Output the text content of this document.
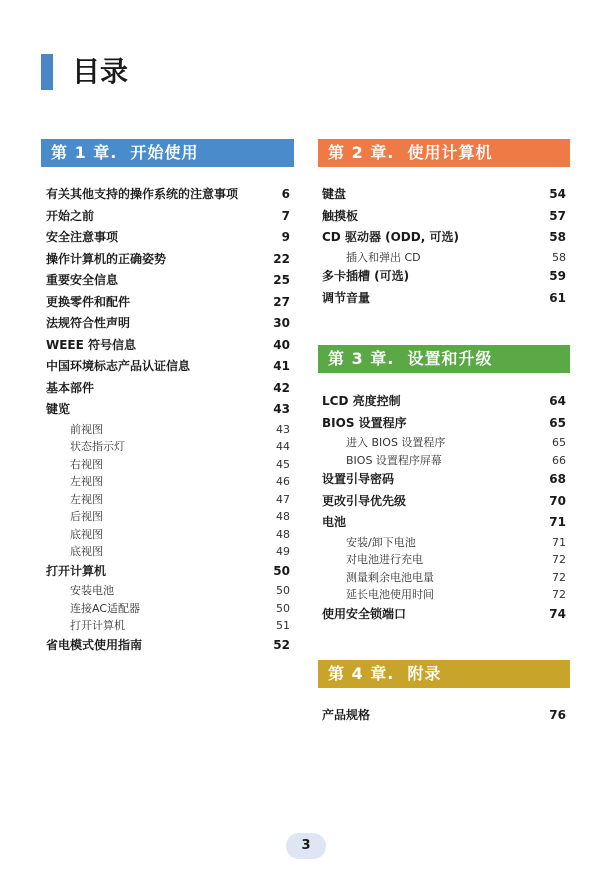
目录
第 1 章.  开始使用	第 2 章.  使用计算机
第 3 章.  设置和升级
第 4 章.  附录
有关其他支持的操作系统的注意事项	6
开始之前	7
安全注意事项	9
操作计算机的正确姿势	22
重要安全信息	25
更换零件和配件	27
法规符合性声明	30
WEEE 符号信息	40
中国环境标志产品认证信息	41
基本部件	42
键览	43
前视图	43
状态指示灯	44
右视图	45
左视图	46
左视图	47
后视图	48
底视图	48
底视图	49
打开计算机	50
安装电池	50
连接AC适配器	50
打开计算机	51
省电模式使用指南	52
键盘	54
触摸板	57
CD 驱动器 (ODD, 可选)	58
插入和弹出 CD	58
多卡插槽 (可选)	59
调节音量	61
LCD 亮度控制	64
BIOS 设置程序	65
进入 BIOS 设置程序	65
BIOS 设置程序屏幕	66
设置引导密码	68
更改引导优先级	70
电池	71
安装/卸下电池	71
对电池进行充电	72
测量剩余电池电量	72
延长电池使用时间	72
使用安全锁端口	74
产品规格	76
3
